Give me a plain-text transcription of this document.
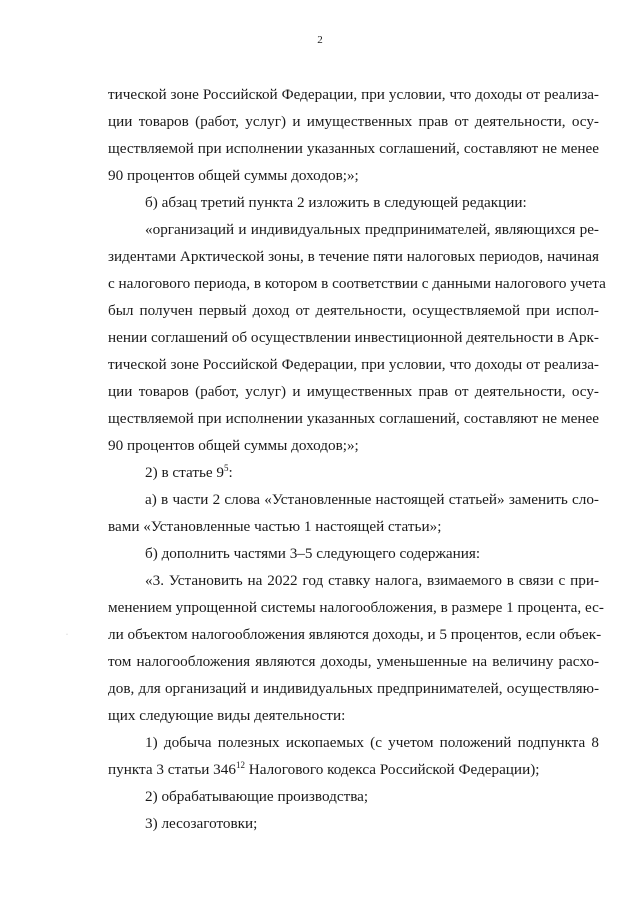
2
тической зоне Российской Федерации, при условии, что доходы от реализа-
ции товаров (работ, услуг) и имущественных прав от деятельности, осу-
ществляемой при исполнении указанных соглашений, составляют не менее
90 процентов общей суммы доходов;»;
б) абзац третий пункта 2 изложить в следующей редакции:
«организаций и индивидуальных предпринимателей, являющихся ре-
зидентами Арктической зоны, в течение пяти налоговых периодов, начиная
с налогового периода, в котором в соответствии с данными налогового учета
был получен первый доход от деятельности, осуществляемой при испол-
нении соглашений об осуществлении инвестиционной деятельности в Арк-
тической зоне Российской Федерации, при условии, что доходы от реализа-
ции товаров (работ, услуг) и имущественных прав от деятельности, осу-
ществляемой при исполнении указанных соглашений, составляют не менее
90 процентов общей суммы доходов;»;
2) в статье $9^5$:
а) в части 2 слова «Установленные настоящей статьей» заменить сло-
вами «Установленные частью 1 настоящей статьи»;
б) дополнить частями 3–5 следующего содержания:
«3. Установить на 2022 год ставку налога, взимаемого в связи с при-
менением упрощенной системы налогообложения, в размере 1 процента, ес-
ли объектом налогообложения являются доходы, и 5 процентов, если объек-
том налогообложения являются доходы, уменьшенные на величину расхо-
дов, для организаций и индивидуальных предпринимателей, осуществляю-
щих следующие виды деятельности:
1) добыча полезных ископаемых (с учетом положений подпункта 8
пункта 3 статьи $346^{12}$ Налогового кодекса Российской Федерации);
2) обрабатывающие производства;
3) лесозаготовки;
·
